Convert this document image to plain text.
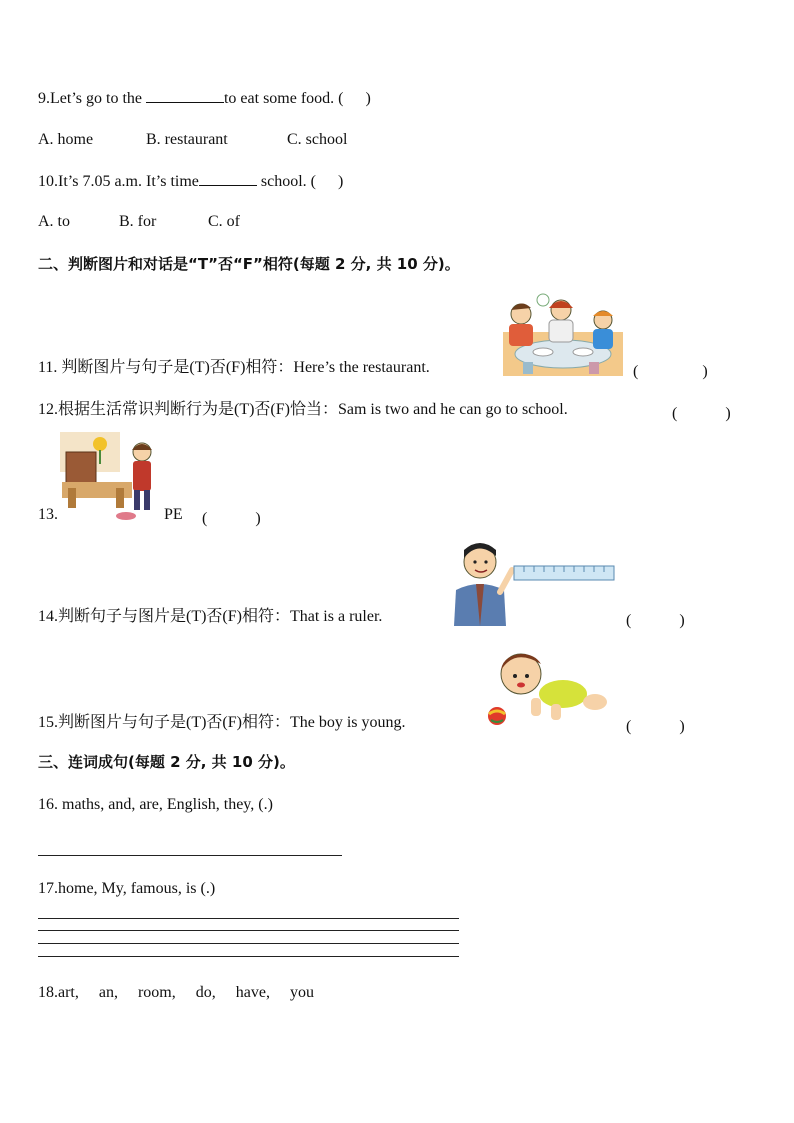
9.Let’s go to the	to eat some food. ( )
A. home	B. restaurant	C. school
10.It’s 7.05 a.m. It’s time	school. ( )
A. to	B. for	C. of
二、判断图片和对话是“T”否“F”相符(每题 2 分, 共 10 分)。
11. 判断图片与句子是(T)否(F)相符：Here’s the restaurant.	(　　　　)
12.根据生活常识判断行为是(T)否(F)恰当：Sam is two and he can go to school.	(　　　)
13.	PE (　　　)
14.判断句子与图片是(T)否(F)相符：That is a ruler.	(　　　)
15.判断图片与句子是(T)否(F)相符：The boy is young.	(　　　)
三、连词成句(每题 2 分, 共 10 分)。
16. maths, and, are, English, they, (.)
17.home, My, famous, is (.)
18.art,     an,     room,     do,     have,     you
